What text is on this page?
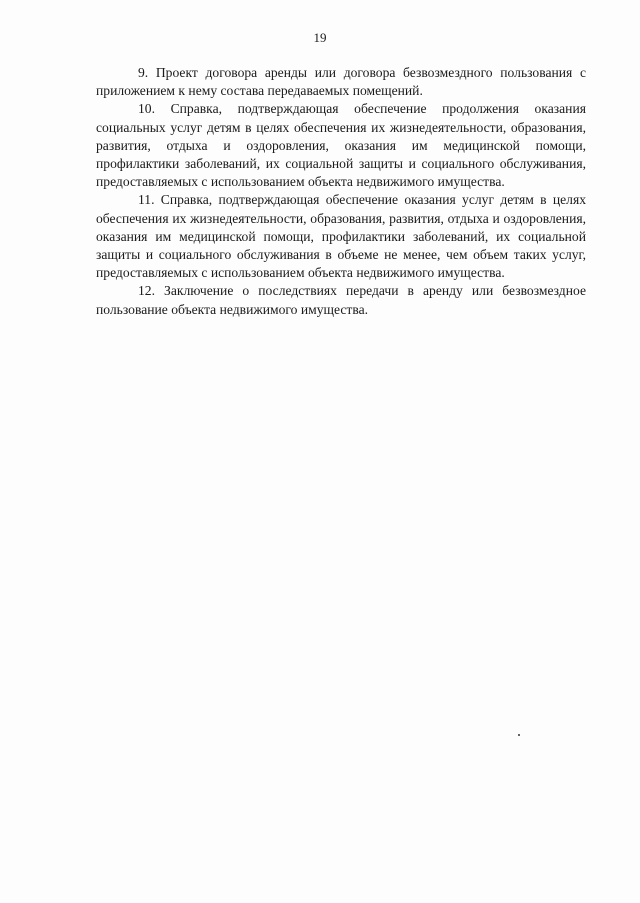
19

9. Проект договора аренды или договора безвозмездного пользования с приложением к нему состава передаваемых помещений.

10. Справка, подтверждающая обеспечение продолжения оказания социальных услуг детям в целях обеспечения их жизнедеятельности, образования, развития, отдыха и оздоровления, оказания им медицинской помощи, профилактики заболеваний, их социальной защиты и социального обслуживания, предоставляемых с использованием объекта недвижимого имущества.

11. Справка, подтверждающая обеспечение оказания услуг детям в целях обеспечения их жизнедеятельности, образования, развития, отдыха и оздоровления, оказания им медицинской помощи, профилактики заболеваний, их социальной защиты и социального обслуживания в объеме не менее, чем объем таких услуг, предоставляемых с использованием объекта недвижимого имущества.

12. Заключение о последствиях передачи в аренду или безвозмездное пользование объекта недвижимого имущества.
